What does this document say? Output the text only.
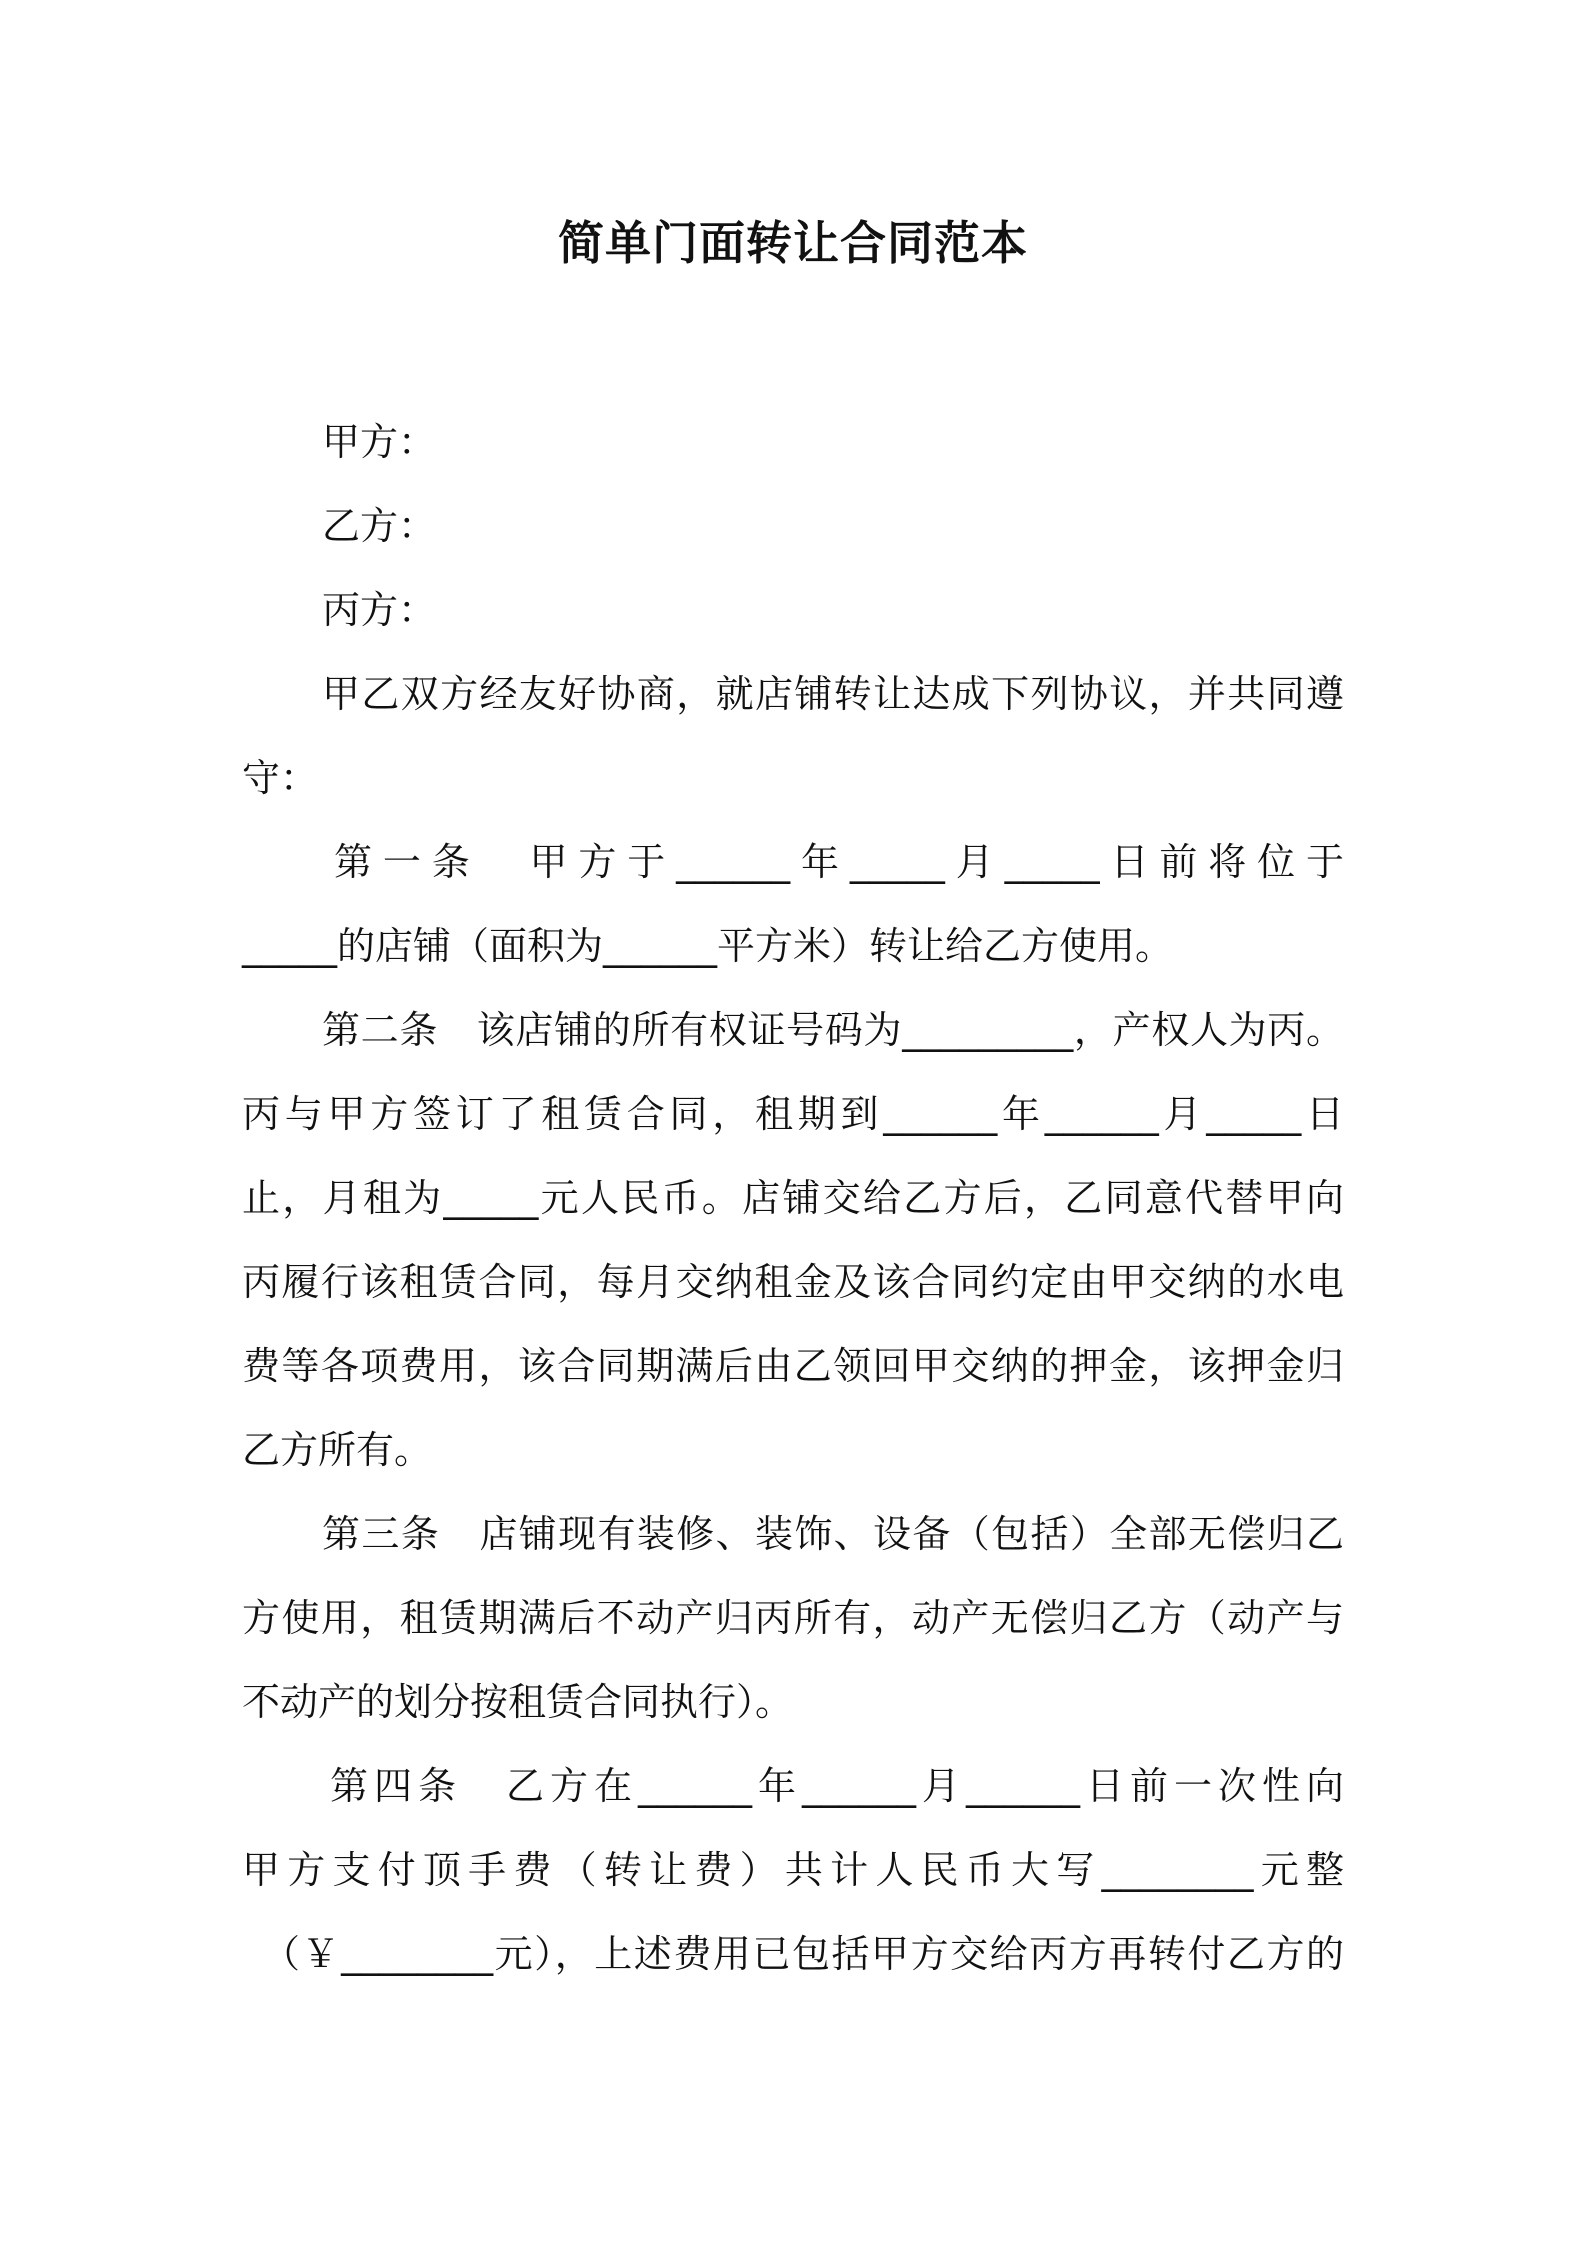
简单门面转让合同范本

甲方：

乙方：

丙方：

甲乙双方经友好协商，就店铺转让达成下列协议，并共同遵

守：

第一条　甲方于______年_____月_____日前将位于

_____的店铺（面积为______平方米）转让给乙方使用。

第二条　该店铺的所有权证号码为_________，产权人为丙。

丙与甲方签订了租赁合同，租期到______年______月_____日

止，月租为_____元人民币。店铺交给乙方后，乙同意代替甲向

丙履行该租赁合同，每月交纳租金及该合同约定由甲交纳的水电

费等各项费用，该合同期满后由乙领回甲交纳的押金，该押金归

乙方所有。

第三条　店铺现有装修、装饰、设备（包括）全部无偿归乙

方使用，租赁期满后不动产归丙所有，动产无偿归乙方（动产与

不动产的划分按租赁合同执行）。

第四条　乙方在______年______月______日前一次性向

甲方支付顶手费（转让费）共计人民币大写________元整

（￥________元），上述费用已包括甲方交给丙方再转付乙方的
